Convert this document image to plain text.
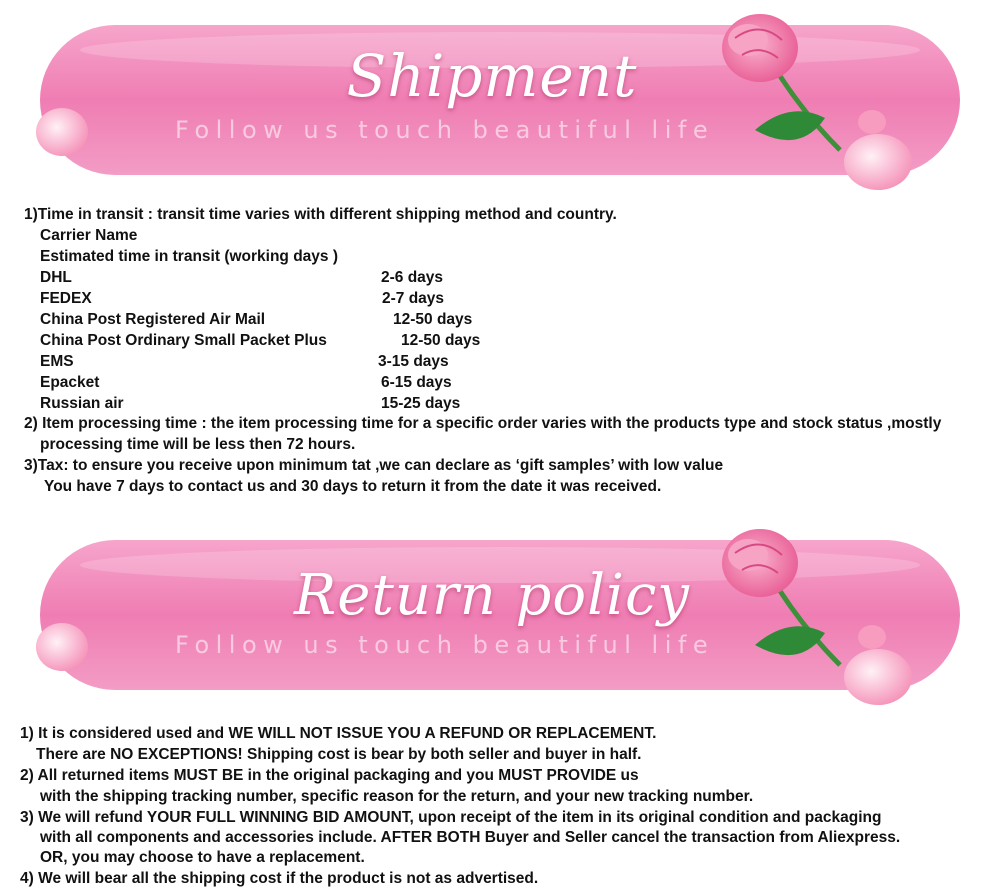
Shipment
Follow us touch beautiful life
1)Time in transit : transit time varies with different shipping method and country.
Carrier Name
Estimated time in transit (working days )
DHL	2-6 days
FEDEX	2-7 days
China Post Registered Air Mail	12-50 days
China Post Ordinary Small Packet Plus	12-50 days
EMS	3-15 days
Epacket	6-15 days
Russian air	15-25 days
2) Item processing time : the item processing time for a specific order varies with the products type and stock status ,mostly
processing time will be less then 72 hours.
3)Tax: to ensure you receive upon minimum tat ,we can declare as ‘gift samples’ with low value
You have 7 days to contact us and 30 days to return it from the date it was received.
Return policy
Follow us touch beautiful life
1) It is considered used and WE WILL NOT ISSUE YOU A REFUND OR REPLACEMENT.
There are NO EXCEPTIONS! Shipping cost is bear by both seller and buyer in half.
2) All returned items MUST BE in the original packaging and you MUST PROVIDE us
with the shipping tracking number, specific reason for the return, and your new tracking number.
3) We will refund YOUR FULL WINNING BID AMOUNT, upon receipt of the item in its original condition and packaging
with all components and accessories include. AFTER BOTH Buyer and Seller cancel the transaction from Aliexpress.
OR, you may choose to have a replacement.
4) We will bear all the shipping cost if the product is not as advertised.
